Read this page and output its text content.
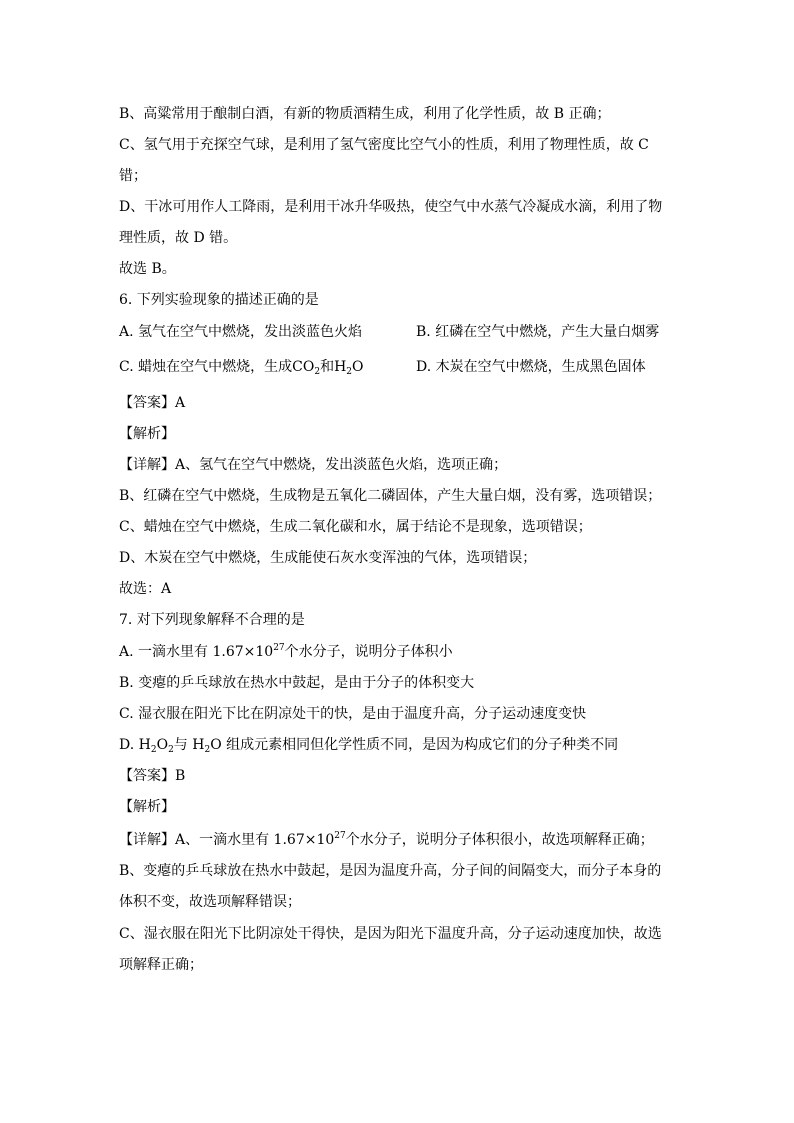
B、高粱常用于酿制白酒，有新的物质酒精生成，利用了化学性质，故 B 正确；
C、氢气用于充探空气球，是利用了氢气密度比空气小的性质，利用了物理性质，故 C
错；
D、干冰可用作人工降雨，是利用干冰升华吸热，使空气中水蒸气冷凝成水滴，利用了物
理性质，故 D 错。
故选 B。
6. 下列实验现象的描述正确的是
A. 氢气在空气中燃烧，发出淡蓝色火焰	B. 红磷在空气中燃烧，产生大量白烟雾
C. 蜡烛在空气中燃烧，生成$CO_2$和$H_2O$	D. 木炭在空气中燃烧，生成黑色固体
【答案】A
【解析】
【详解】A、氢气在空气中燃烧，发出淡蓝色火焰，选项正确；
B、红磷在空气中燃烧，生成物是五氧化二磷固体，产生大量白烟，没有雾，选项错误；
C、蜡烛在空气中燃烧，生成二氧化碳和水，属于结论不是现象，选项错误；
D、木炭在空气中燃烧，生成能使石灰水变浑浊的气体，选项错误；
故选：A
7. 对下列现象解释不合理的是
A. 一滴水里有 $1.67\times 10^{27}$个水分子，说明分子体积小
B. 变瘪的乒乓球放在热水中鼓起，是由于分子的体积变大
C. 湿衣服在阳光下比在阴凉处干的快，是由于温度升高，分子运动速度变快
D. $H_2O_2$与 $H_2O$ 组成元素相同但化学性质不同，是因为构成它们的分子种类不同
【答案】B
【解析】
【详解】A、一滴水里有 $1.67\times 10^{27}$个水分子，说明分子体积很小，故选项解释正确；
B、变瘪的乒乓球放在热水中鼓起，是因为温度升高，分子间的间隔变大，而分子本身的
体积不变，故选项解释错误；
C、湿衣服在阳光下比阴凉处干得快，是因为阳光下温度升高，分子运动速度加快，故选
项解释正确；
